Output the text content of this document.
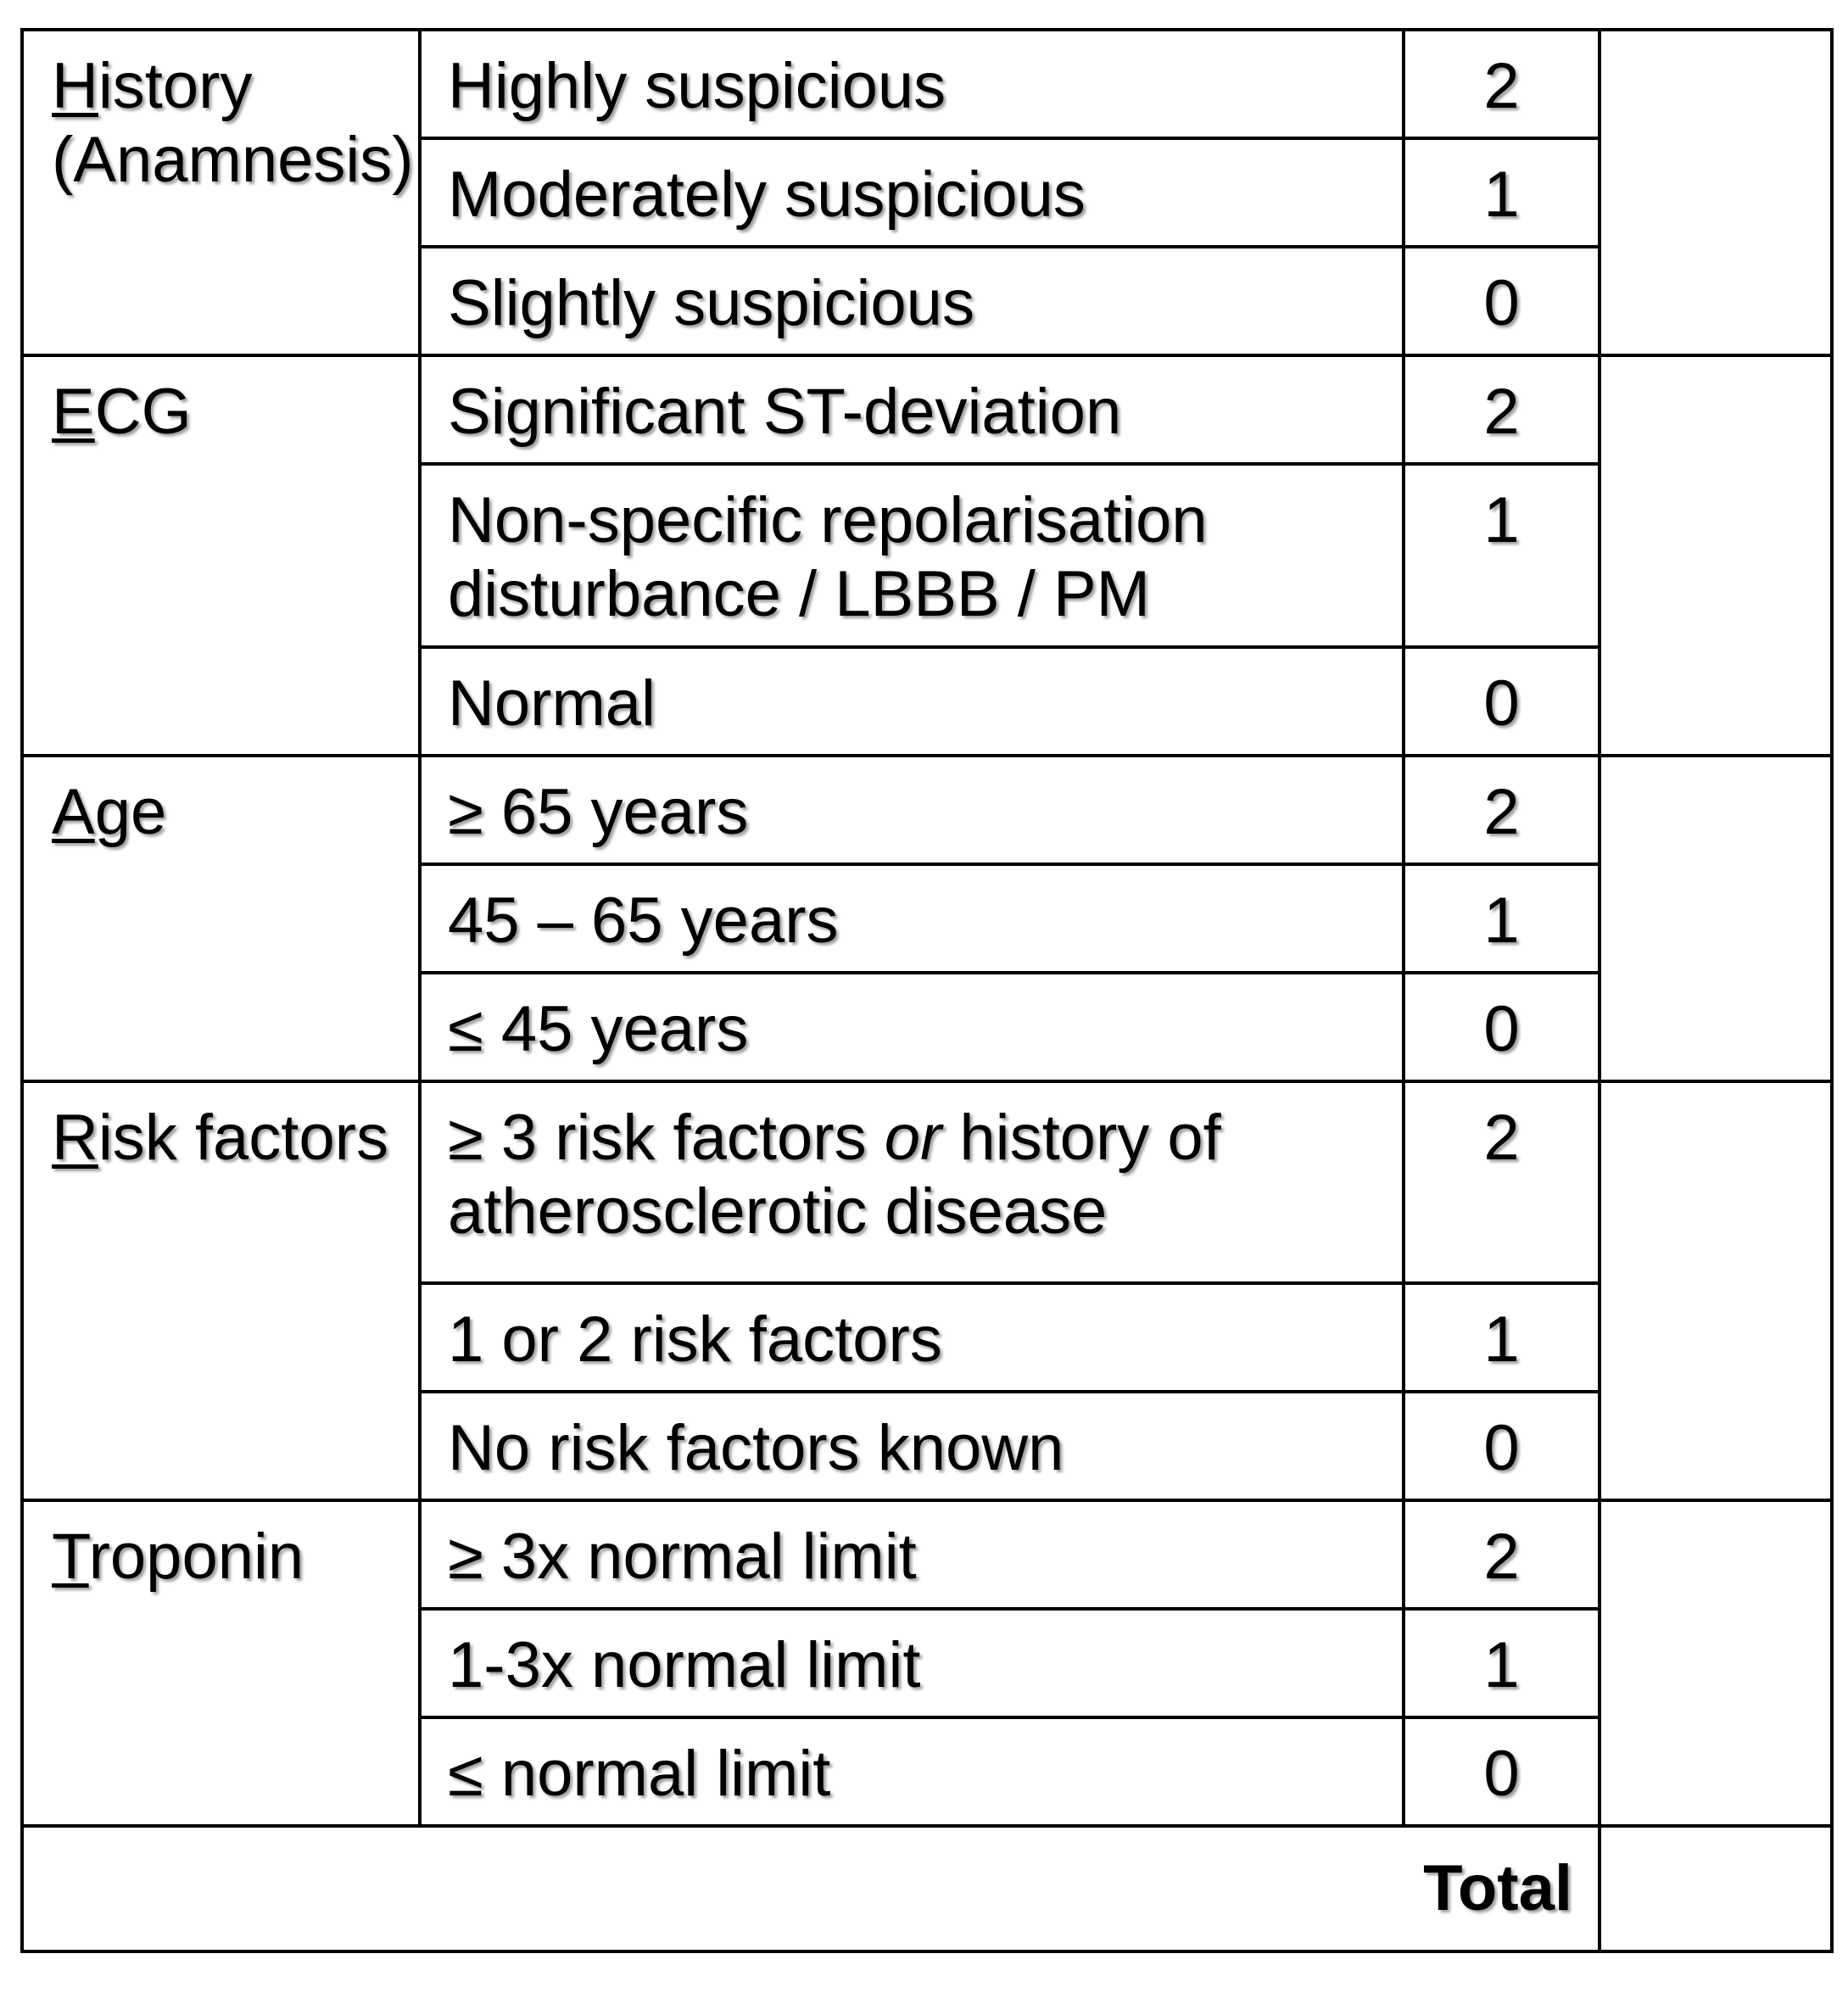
History
(Anamnesis)	Highly suspicious	2	
	Moderately suspicious	1	
	Slightly suspicious	0	
ECG	Significant ST-deviation	2	
	Non-specific repolarisation disturbance / LBBB / PM	1	
	Normal	0	
Age	≥ 65 years	2	
	45 – 65 years	1	
	≤ 45 years	0	
Risk factors	≥ 3 risk factors or history of atherosclerotic disease	2	
	1 or 2 risk factors	1	
	No risk factors known	0	
Troponin	≥ 3x normal limit	2	
	1-3x normal limit	1	
	≤ normal limit	0	
Total			
